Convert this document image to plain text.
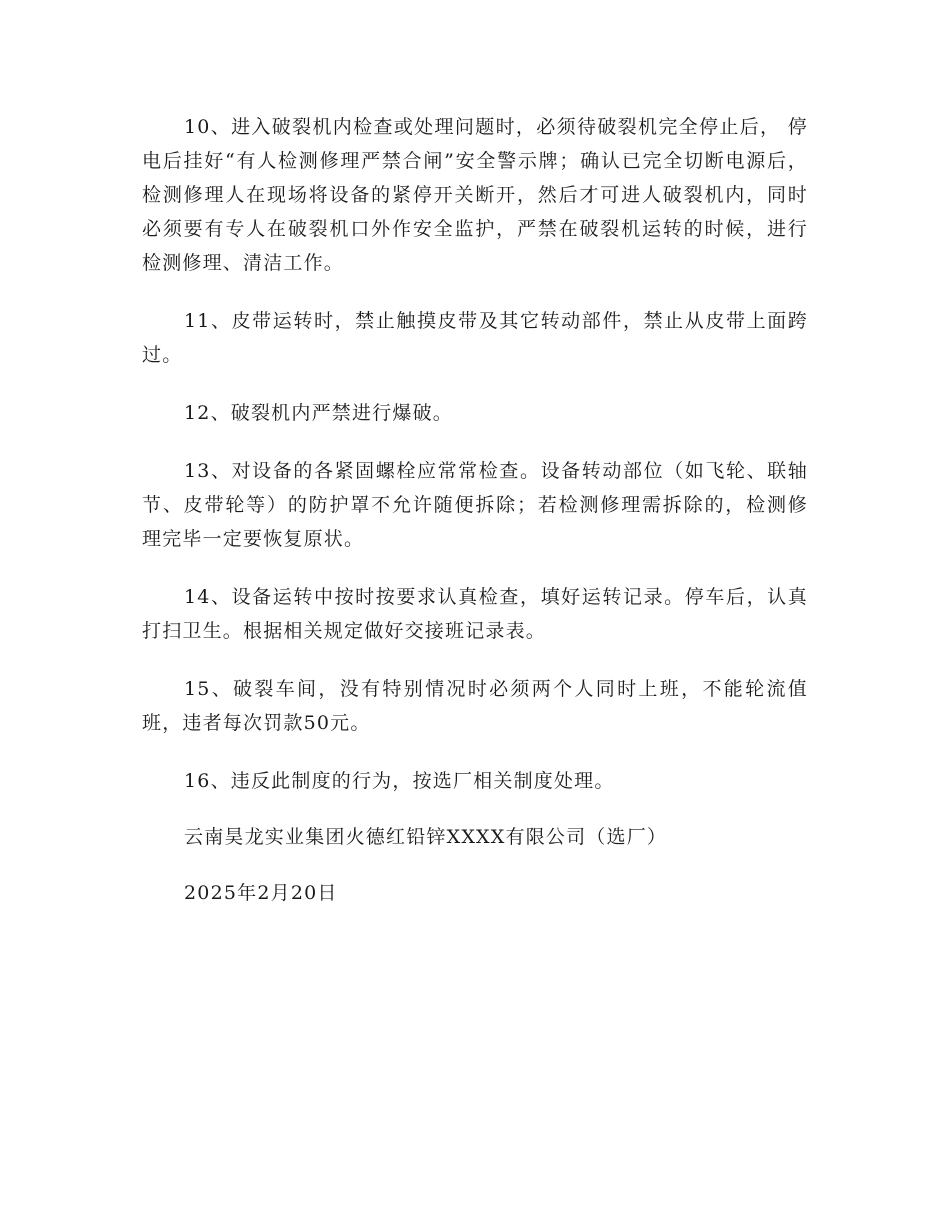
10、进入破裂机内检查或处理问题时，必须待破裂机完全停止后， 停电后挂好“有人检测修理严禁合闸”安全警示牌；确认已完全切断电源后，检测修理人在现场将设备的紧停开关断开，然后才可进人破裂机内，同时必须要有专人在破裂机口外作安全监护，严禁在破裂机运转的时候，进行检测修理、清洁工作。

11、皮带运转时，禁止触摸皮带及其它转动部件，禁止从皮带上面跨过。

12、破裂机内严禁进行爆破。

13、对设备的各紧固螺栓应常常检查。设备转动部位（如飞轮、联轴节、皮带轮等）的防护罩不允许随便拆除；若检测修理需拆除的，检测修理完毕一定要恢复原状。

14、设备运转中按时按要求认真检查，填好运转记录。停车后，认真打扫卫生。根据相关规定做好交接班记录表。

15、破裂车间，没有特别情况时必须两个人同时上班，不能轮流值班，违者每次罚款50元。

16、违反此制度的行为，按选厂相关制度处理。

云南昊龙实业集团火德红铅锌XXXX有限公司（选厂）

2025年2月20日
